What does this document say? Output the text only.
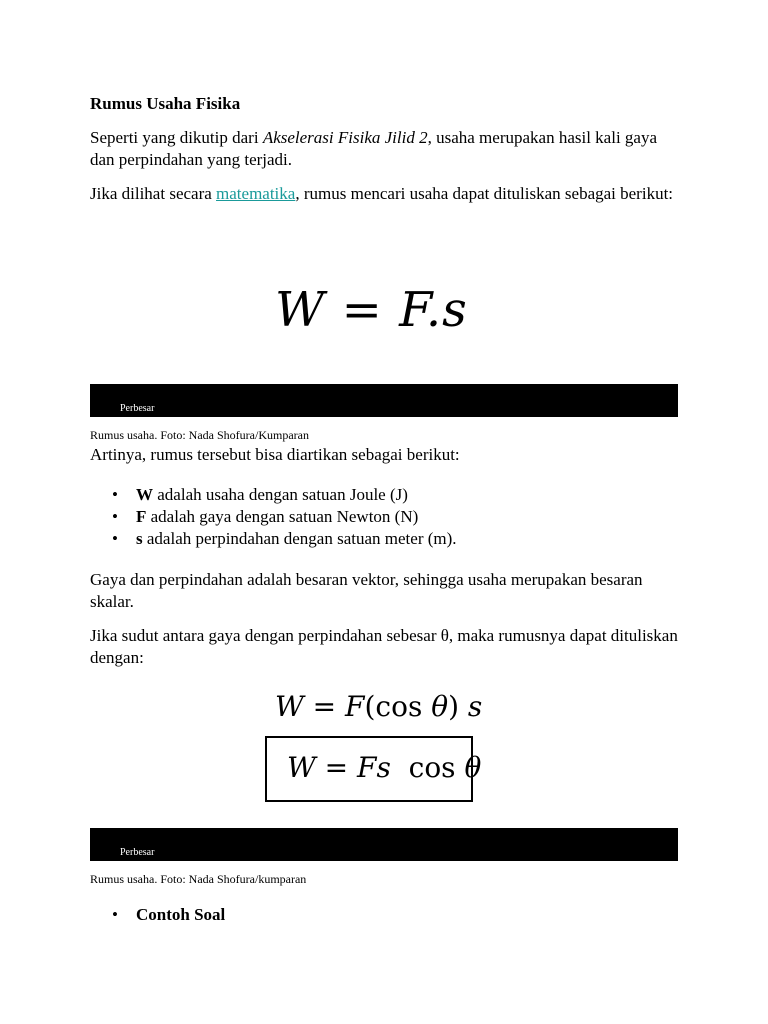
Rumus Usaha Fisika

Seperti yang dikutip dari Akselerasi Fisika Jilid 2, usaha merupakan hasil kali gaya dan perpindahan yang terjadi.

Jika dilihat secara matematika, rumus mencari usaha dapat dituliskan sebagai berikut:

W = F.s
Perbesar
Rumus usaha. Foto: Nada Shofura/Kumparan

Artinya, rumus tersebut bisa diartikan sebagai berikut:

• W adalah usaha dengan satuan Joule (J)
• F adalah gaya dengan satuan Newton (N)
• s adalah perpindahan dengan satuan meter (m).

Gaya dan perpindahan adalah besaran vektor, sehingga usaha merupakan besaran skalar.

Jika sudut antara gaya dengan perpindahan sebesar θ, maka rumusnya dapat dituliskan dengan:

W = F(cos θ) s
W = Fs  cos θ
Perbesar
Rumus usaha. Foto: Nada Shofura/kumparan
• Contoh Soal
